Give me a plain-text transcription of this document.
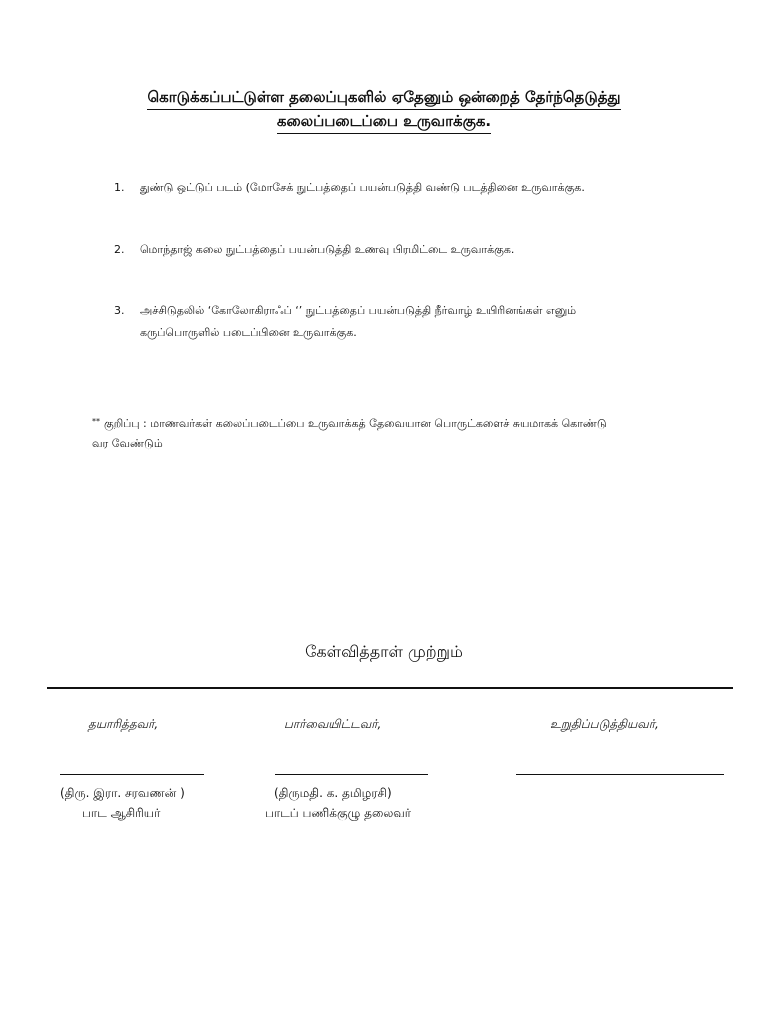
கொடுக்கப்பட்டுள்ள தலைப்புகளில் ஏதேனும் ஒன்றைத் தேர்ந்தெடுத்து
கலைப்படைப்பை உருவாக்குக.
1.	துண்டு ஒட்டுப் படம் (மோசேக் நுட்பத்தைப் பயன்படுத்தி வண்டு படத்தினை உருவாக்குக.
2.	மொந்தாஜ் கலை நுட்பத்தைப் பயன்படுத்தி உணவு பிரமிட்டை உருவாக்குக.
3.	அச்சிடுதலில் ‘கோலோகிராஃப் ‘’ நுட்பத்தைப் பயன்படுத்தி நீர்வாழ் உயிரினங்கள் எனும்
கருப்பொருளில் படைப்பினை உருவாக்குக.
** குறிப்பு : மாணவர்கள் கலைப்படைப்பை உருவாக்கத் தேவையான பொருட்களைச் சுயமாகக் கொண்டு
வர வேண்டும்
கேள்வித்தாள் முற்றும்
தயாரித்தவர்,	பார்வையிட்டவர்,	உறுதிப்படுத்தியவர்,
(திரு. இரா. சரவணன் )	(திருமதி. க. தமிழரசி)
பாட ஆசிரியர்	பாடப் பணிக்குழு தலைவர்
